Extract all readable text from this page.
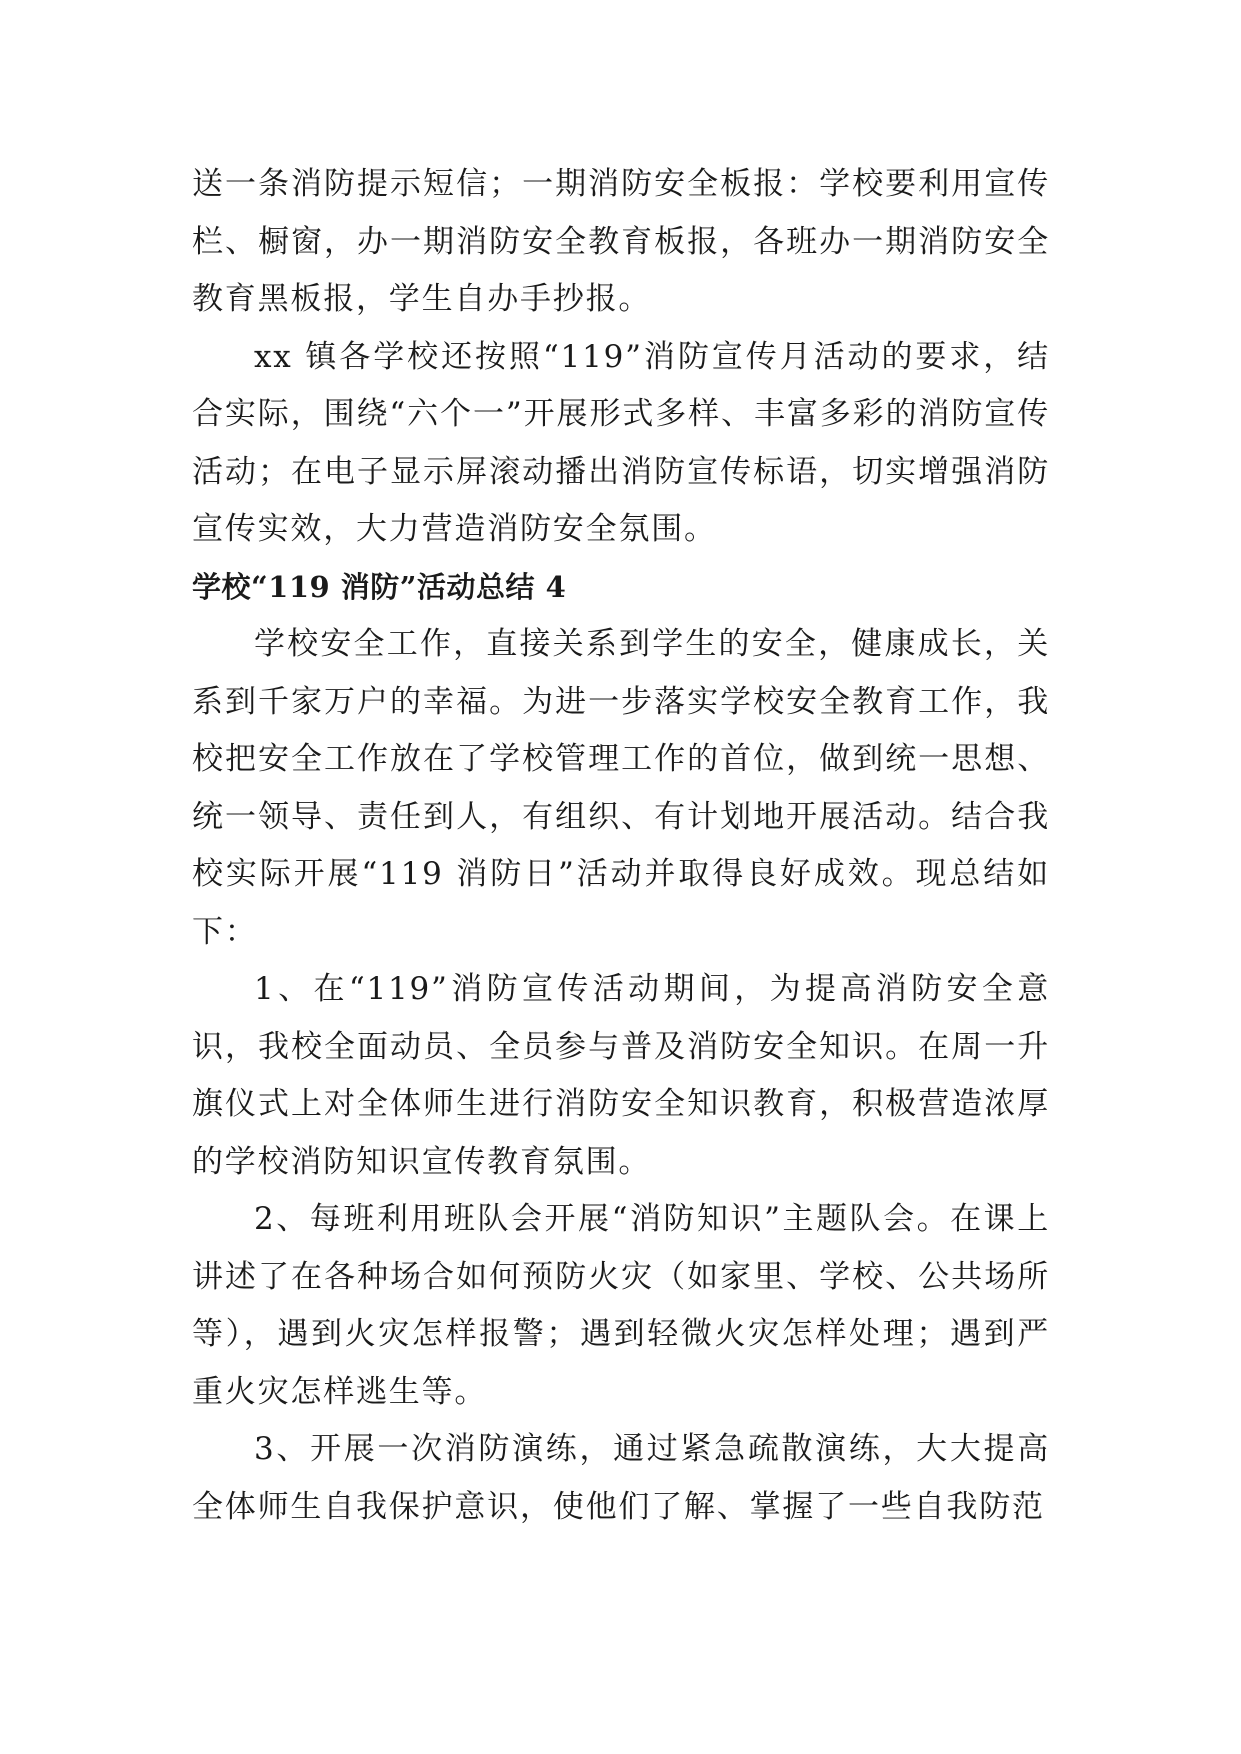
送一条消防提示短信；一期消防安全板报：学校要利用宣传栏、橱窗，办一期消防安全教育板报，各班办一期消防安全教育黑板报，学生自办手抄报。

xx 镇各学校还按照“119”消防宣传月活动的要求，结合实际，围绕“六个一”开展形式多样、丰富多彩的消防宣传活动；在电子显示屏滚动播出消防宣传标语，切实增强消防宣传实效，大力营造消防安全氛围。

学校“119 消防”活动总结 4

学校安全工作，直接关系到学生的安全，健康成长，关系到千家万户的幸福。为进一步落实学校安全教育工作，我校把安全工作放在了学校管理工作的首位，做到统一思想、统一领导、责任到人，有组织、有计划地开展活动。结合我校实际开展“119 消防日”活动并取得良好成效。现总结如下：

1、在“119”消防宣传活动期间，为提高消防安全意识，我校全面动员、全员参与普及消防安全知识。在周一升旗仪式上对全体师生进行消防安全知识教育，积极营造浓厚的学校消防知识宣传教育氛围。

2、每班利用班队会开展“消防知识”主题队会。在课上讲述了在各种场合如何预防火灾（如家里、学校、公共场所等），遇到火灾怎样报警；遇到轻微火灾怎样处理；遇到严重火灾怎样逃生等。

3、开展一次消防演练，通过紧急疏散演练，大大提高全体师生自我保护意识，使他们了解、掌握了一些自我防范
